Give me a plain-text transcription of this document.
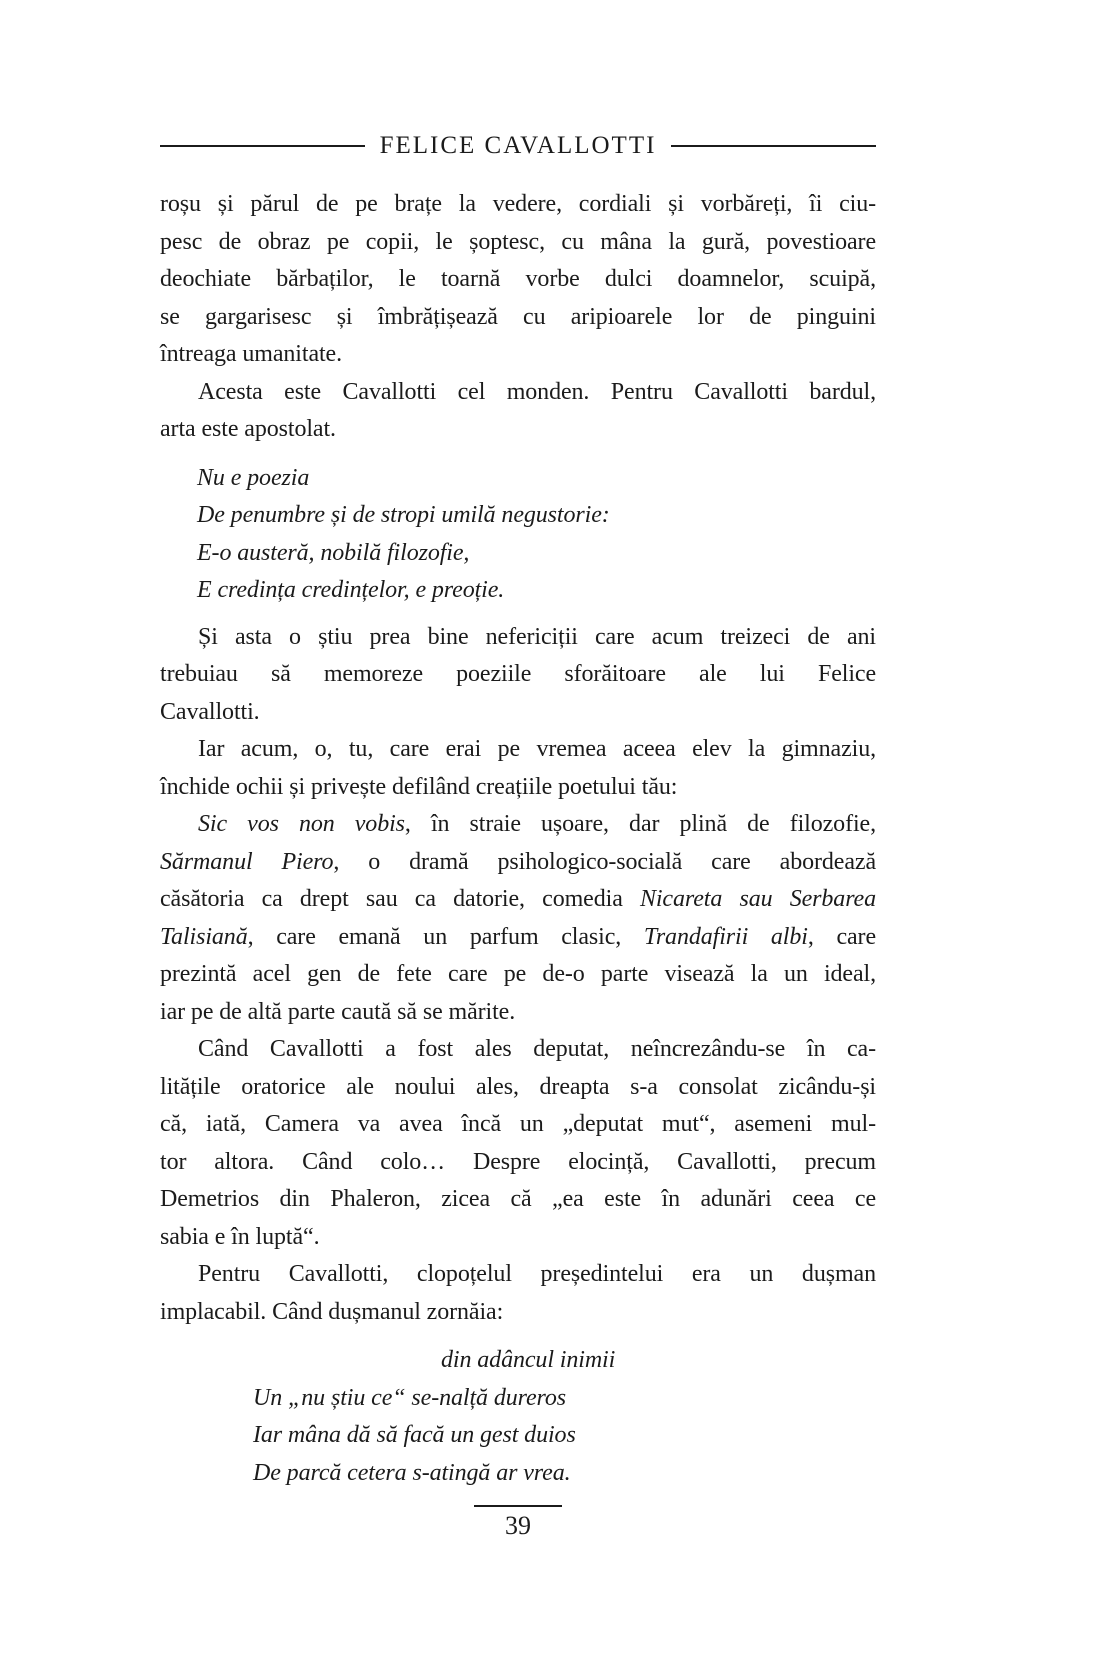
FELICE CAVALLOTTI
roșu și părul de pe brațe la vedere, cordiali și vorbăreți, îi ciu-
pesc de obraz pe copii, le șoptesc, cu mâna la gură, povestioare
deochiate bărbaților, le toarnă vorbe dulci doamnelor, scuipă,
se gargarisesc și îmbrățișează cu aripioarele lor de pinguini
întreaga umanitate.
Acesta este Cavallotti cel monden. Pentru Cavallotti bardul,
arta este apostolat.
Nu e poezia
De penumbre și de stropi umilă negustorie:
E-o austeră, nobilă filozofie,
E credința credințelor, e preoție.
Și asta o știu prea bine nefericiții care acum treizeci de ani
trebuiau să memoreze poeziile sforăitoare ale lui Felice
Cavallotti.
Iar acum, o, tu, care erai pe vremea aceea elev la gimnaziu,
închide ochii și privește defilând creațiile poetului tău:
Sic vos non vobis, în straie ușoare, dar plină de filozofie,
Sărmanul Piero, o dramă psihologico-socială care abordează
căsătoria ca drept sau ca datorie, comedia Nicareta sau Serbarea
Talisiană, care emană un parfum clasic, Trandafirii albi, care
prezintă acel gen de fete care pe de-o parte visează la un ideal,
iar pe de altă parte caută să se mărite.
Când Cavallotti a fost ales deputat, neîncrezându-se în ca-
litățile oratorice ale noului ales, dreapta s-a consolat zicându-și
că, iată, Camera va avea încă un „deputat mut“, asemeni mul-
tor altora. Când colo… Despre elocință, Cavallotti, precum
Demetrios din Phaleron, zicea că „ea este în adunări ceea ce
sabia e în luptă“.
Pentru Cavallotti, clopoțelul președintelui era un dușman
implacabil. Când dușmanul zornăia:
din adâncul inimii
Un „nu știu ce“ se-nalță dureros
Iar mâna dă să facă un gest duios
De parcă cetera s-atingă ar vrea.
39
